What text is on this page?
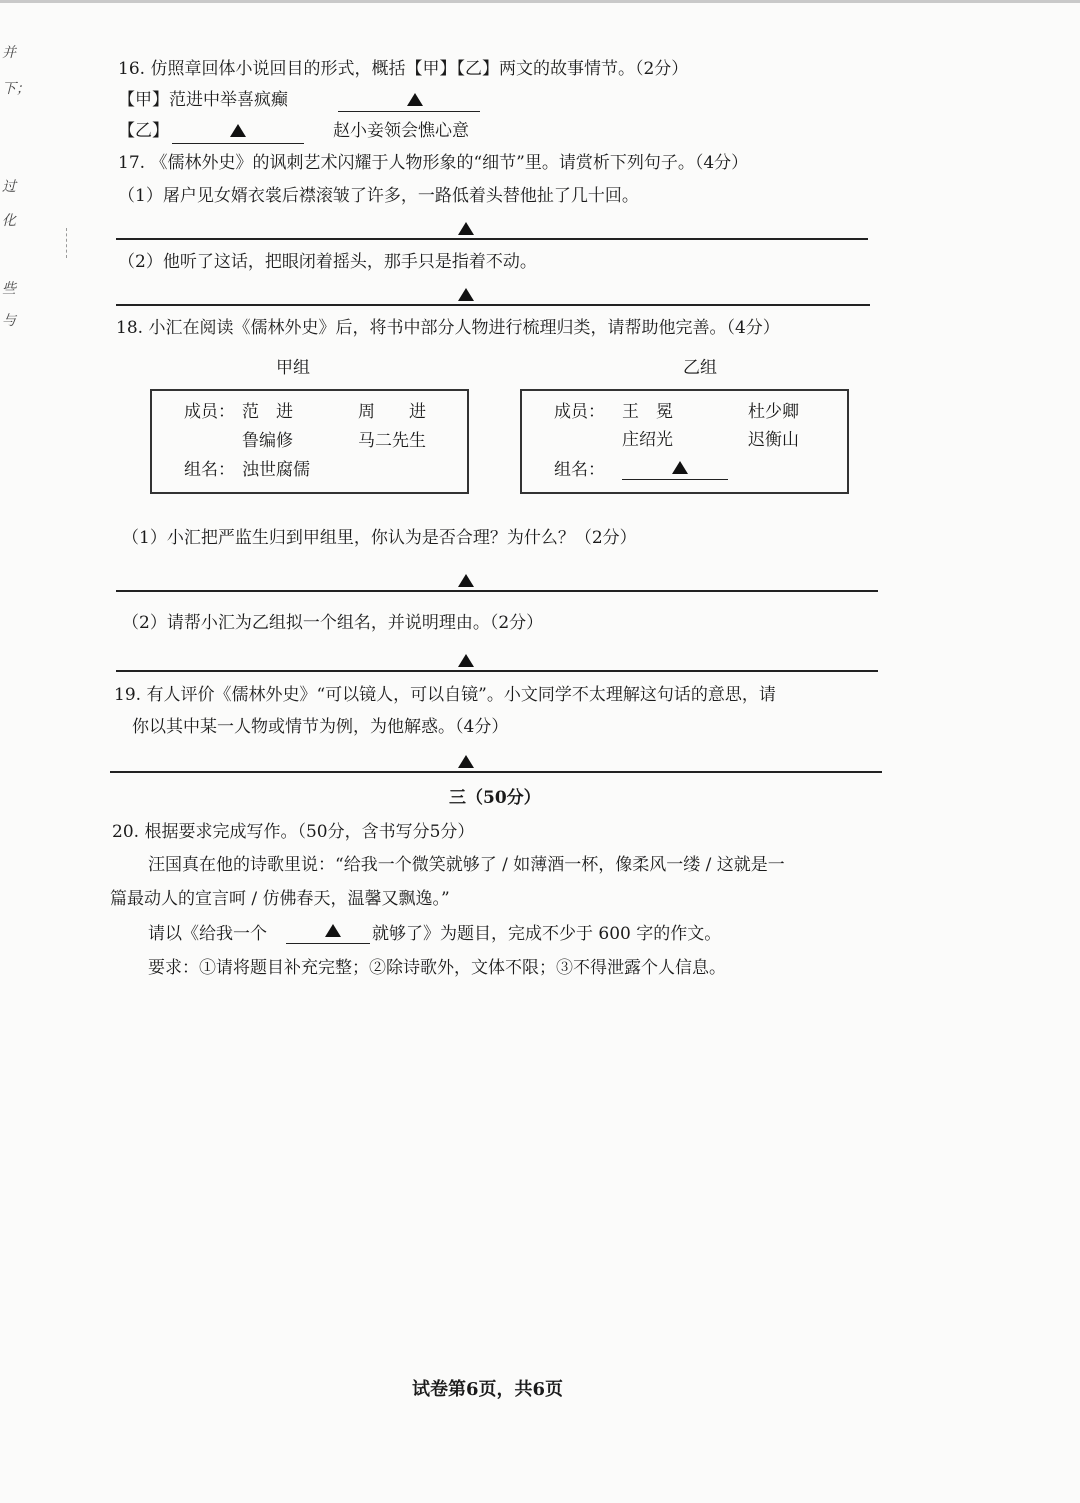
并
下；
过
化
些
与
16. 仿照章回体小说回目的形式，概括【甲】【乙】两文的故事情节。（2分）
【甲】范进中举喜疯癫
【乙】	赵小妾领会憔心意
17. 《儒林外史》的讽刺艺术闪耀于人物形象的“细节”里。请赏析下列句子。（4分）
（1）屠户见女婿衣裳后襟滚皱了许多，一路低着头替他扯了几十回。
（2）他听了这话，把眼闭着摇头，那手只是指着不动。
18. 小汇在阅读《儒林外史》后，将书中部分人物进行梳理归类，请帮助他完善。（4分）
甲组	乙组
成员： 范　进	周　　进
鲁编修	马二先生
组名： 浊世腐儒
成员： 王　冕	杜少卿
庄绍光	迟衡山
组名：
（1）小汇把严监生归到甲组里，你认为是否合理？为什么？（2分）
（2）请帮小汇为乙组拟一个组名，并说明理由。（2分）
19. 有人评价《儒林外史》“可以镜人，可以自镜”。小文同学不太理解这句话的意思，请
你以其中某一人物或情节为例，为他解惑。（4分）
三（50分）
20. 根据要求完成写作。（50分，含书写分5分）
汪国真在他的诗歌里说：“给我一个微笑就够了 / 如薄酒一杯，像柔风一缕 / 这就是一
篇最动人的宣言呵 / 仿佛春天，温馨又飘逸。”
请以《给我一个	就够了》为题目，完成不少于 600 字的作文。
要求：①请将题目补充完整；②除诗歌外，文体不限；③不得泄露个人信息。
试卷第6页，共6页
